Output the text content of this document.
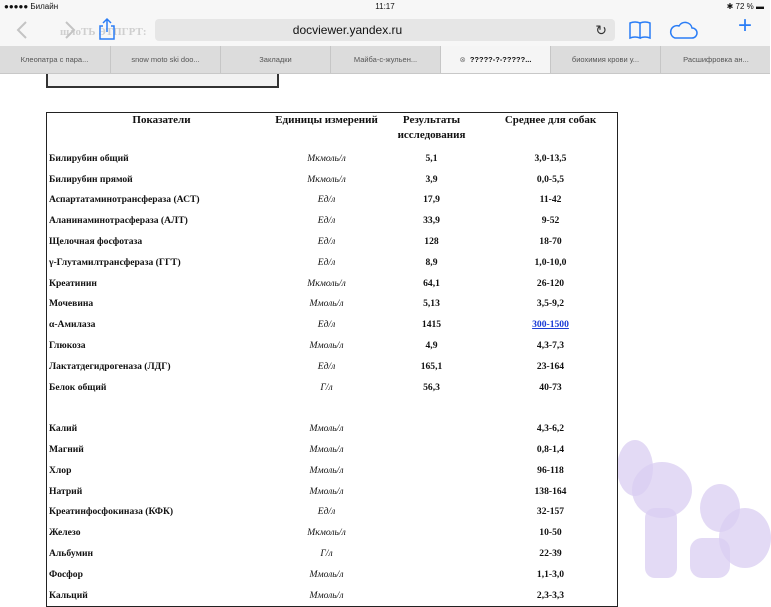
●●●●● Билайн	11:17	✱ 72 % ▬
шлоТЬ ЭТПГРТ:	docviewer.yandex.ru	↻	+
Клеопатра с пара...	snow moto ski doo...	Закладки	Майба-с-жульен...	⊗ ?????-?-?????...	биохимия крови у...	Расшифровка ан...
Показатели	Единицы измерений	Результаты исследования	Среднее для собак
Билирубин общий	Мкмоль/л	5,1	3,0-13,5
Билирубин прямой	Мкмоль/л	3,9	0,0-5,5
Аспартатаминотрансфераза (АСТ)	Ед/л	17,9	11-42
Аланинаминотрасфераза (АЛТ)	Ед/л	33,9	9-52
Щелочная фосфотаза	Ед/л	128	18-70
γ-Глутамилтрансфераза (ГГТ)	Ед/л	8,9	1,0-10,0
Креатинин	Мкмоль/л	64,1	26-120
Мочевина	Ммоль/л	5,13	3,5-9,2
α-Амилаза	Ед/л	1415	300-1500
Глюкоза	Ммоль/л	4,9	4,3-7,3
Лактатдегидрогеназа (ЛДГ)	Ед/л	165,1	23-164
Белок общий	Г/л	56,3	40-73

Калий	Ммоль/л		4,3-6,2
Магний	Ммоль/л		0,8-1,4
Хлор	Ммоль/л		96-118
Натрий	Ммоль/л		138-164
Креатинфосфокиназа (КФК)	Ед/л		32-157
Железо	Мкмоль/л		10-50
Альбумин	Г/л		22-39
Фосфор	Ммоль/л		1,1-3,0
Кальций	Ммоль/л		2,3-3,3
